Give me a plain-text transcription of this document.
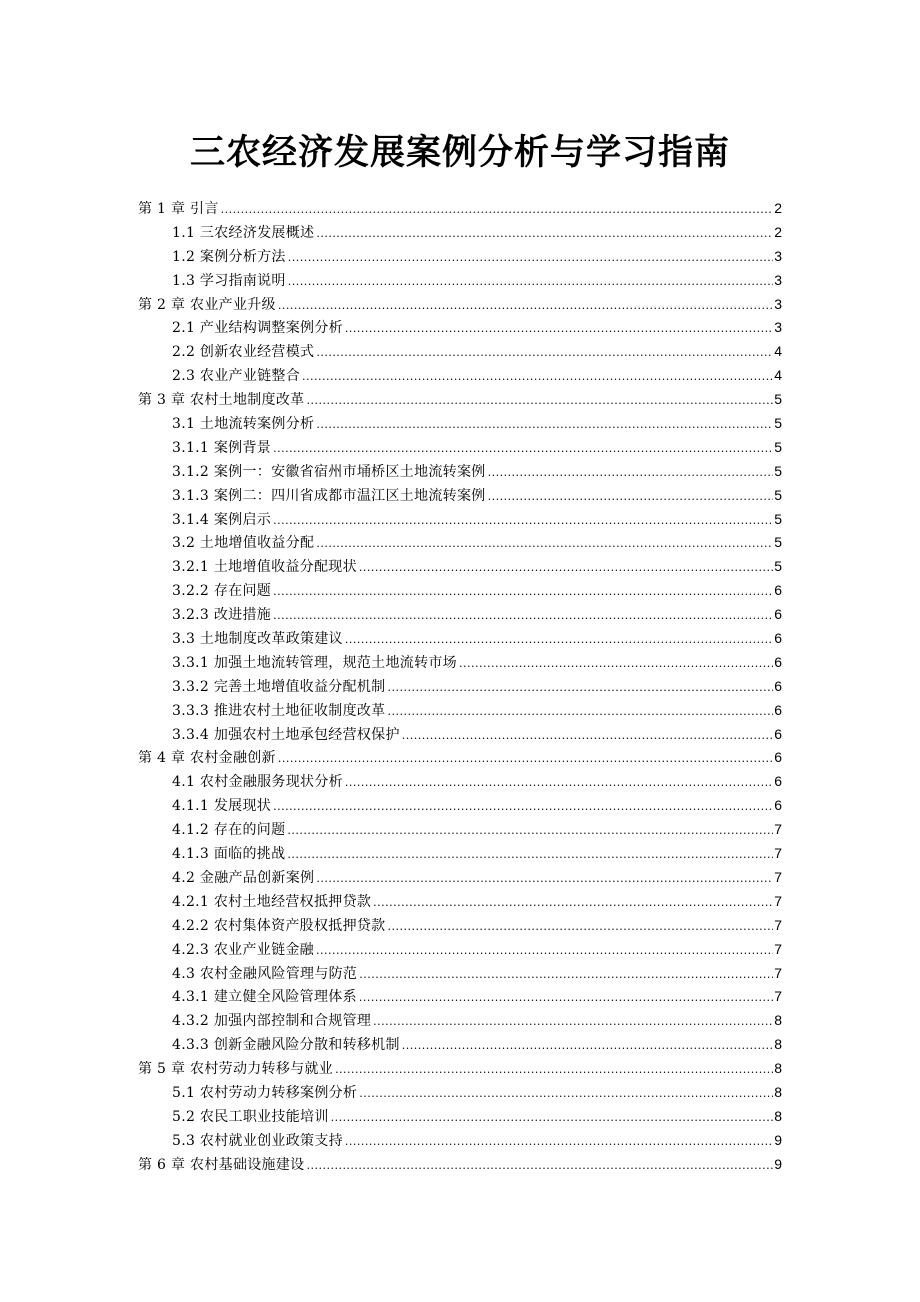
三农经济发展案例分析与学习指南
第 1 章 引言 .....	2
1.1 三农经济发展概述 .....	2
1.2 案例分析方法 .....	3
1.3 学习指南说明 .....	3
第 2 章 农业产业升级 .....	3
2.1 产业结构调整案例分析 .....	3
2.2 创新农业经营模式 .....	4
2.3 农业产业链整合 .....	4
第 3 章 农村土地制度改革 .....	5
3.1 土地流转案例分析 .....	5
3.1.1 案例背景 .....	5
3.1.2 案例一：安徽省宿州市埇桥区土地流转案例 .....	5
3.1.3 案例二：四川省成都市温江区土地流转案例 .....	5
3.1.4 案例启示 .....	5
3.2 土地增值收益分配 .....	5
3.2.1 土地增值收益分配现状 .....	5
3.2.2 存在问题 .....	6
3.2.3 改进措施 .....	6
3.3 土地制度改革政策建议 .....	6
3.3.1 加强土地流转管理，规范土地流转市场 .....	6
3.3.2 完善土地增值收益分配机制 .....	6
3.3.3 推进农村土地征收制度改革 .....	6
3.3.4 加强农村土地承包经营权保护 .....	6
第 4 章 农村金融创新 .....	6
4.1 农村金融服务现状分析 .....	6
4.1.1 发展现状 .....	6
4.1.2 存在的问题 .....	7
4.1.3 面临的挑战 .....	7
4.2 金融产品创新案例 .....	7
4.2.1 农村土地经营权抵押贷款 .....	7
4.2.2 农村集体资产股权抵押贷款 .....	7
4.2.3 农业产业链金融 .....	7
4.3 农村金融风险管理与防范 .....	7
4.3.1 建立健全风险管理体系 .....	7
4.3.2 加强内部控制和合规管理 .....	8
4.3.3 创新金融风险分散和转移机制 .....	8
第 5 章 农村劳动力转移与就业 .....	8
5.1 农村劳动力转移案例分析 .....	8
5.2 农民工职业技能培训 .....	8
5.3 农村就业创业政策支持 .....	9
第 6 章 农村基础设施建设 .....	9
